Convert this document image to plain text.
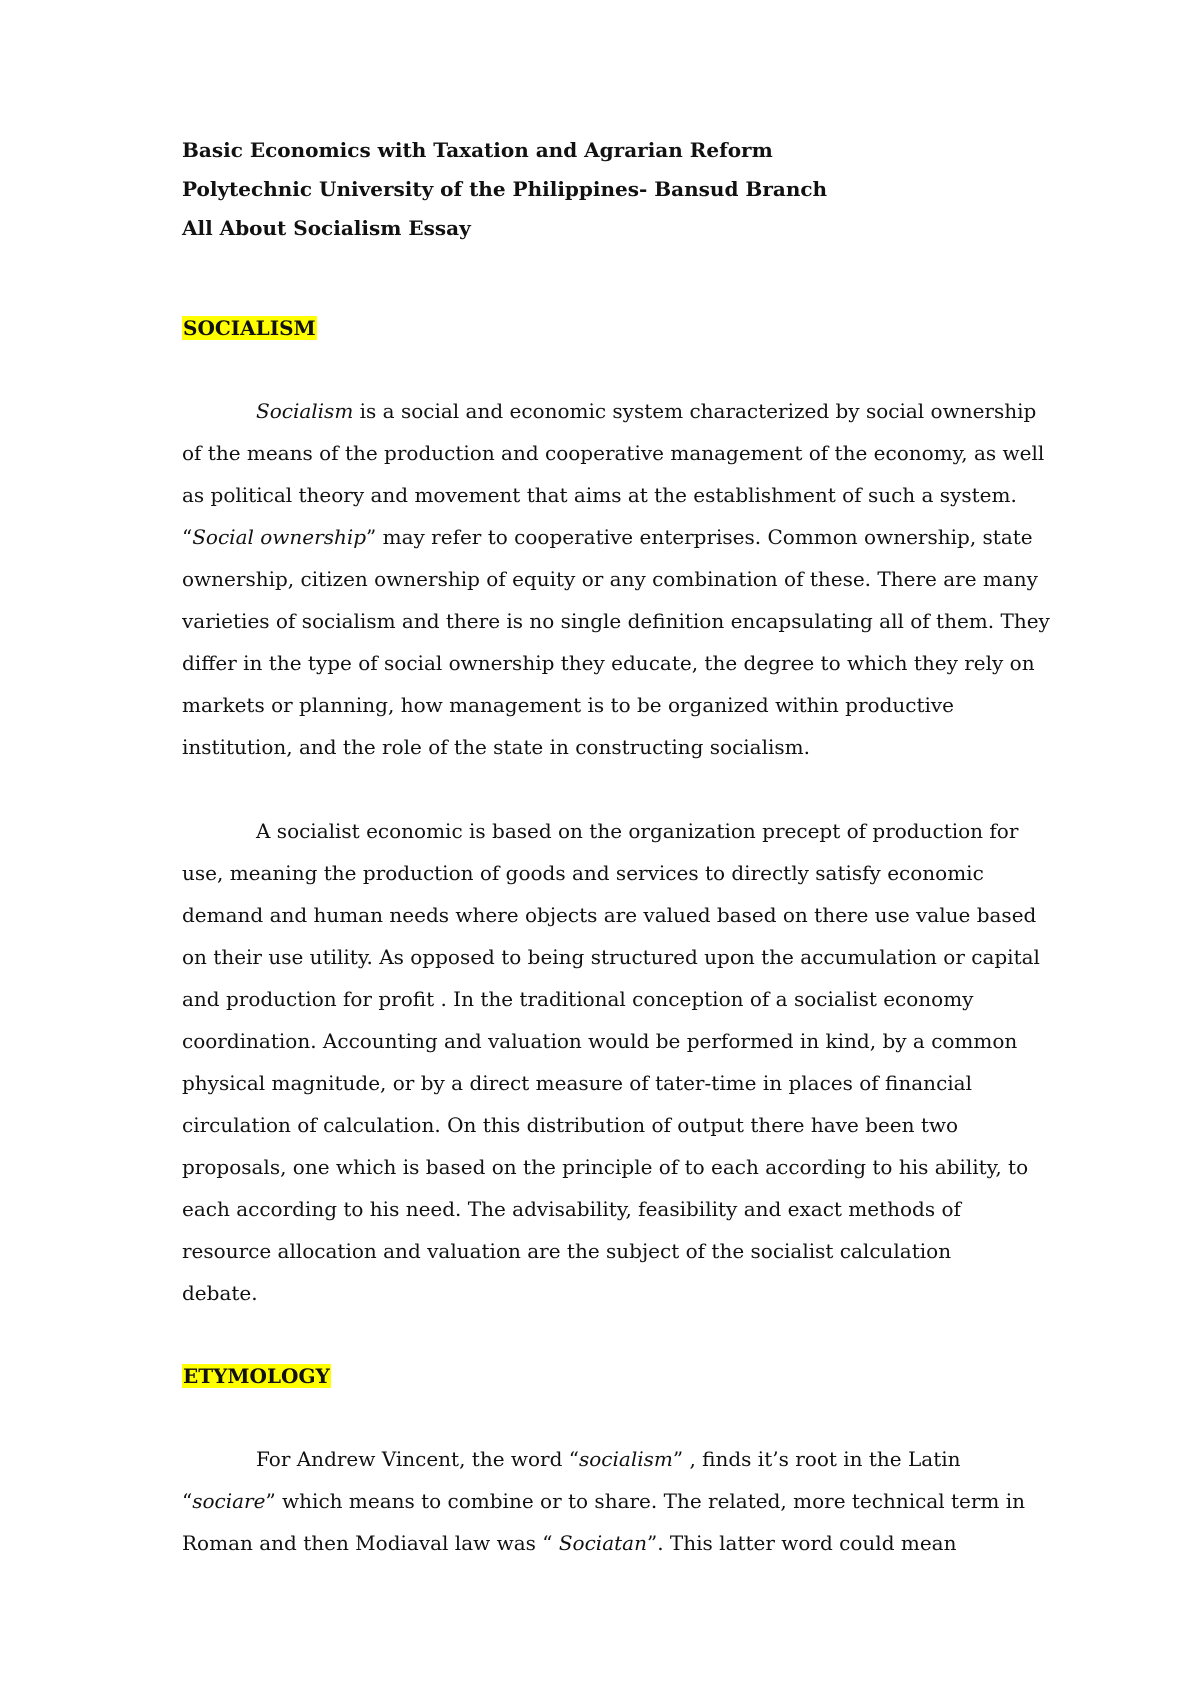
Basic Economics with Taxation and Agrarian Reform
Polytechnic University of the Philippines- Bansud Branch
All About Socialism Essay
SOCIALISM
Socialism is a social and economic system characterized by social ownership
of the means of the production and cooperative management of the economy, as well
as political theory and movement that aims at the establishment of such a system.
“Social ownership” may refer to cooperative enterprises. Common ownership, state
ownership, citizen ownership of equity or any combination of these. There are many
varieties of socialism and there is no single definition encapsulating all of them. They
differ in the type of social ownership they educate, the degree to which they rely on
markets or planning, how management is to be organized within productive
institution, and the role of the state in constructing socialism.
A socialist economic is based on the organization precept of production for
use, meaning the production of goods and services to directly satisfy economic
demand and human needs where objects are valued based on there use value based
on their use utility. As opposed to being structured upon the accumulation or capital
and production for profit . In the traditional conception of a socialist economy
coordination. Accounting and valuation would be performed in kind, by a common
physical magnitude, or by a direct measure of tater-time in places of financial
circulation of calculation. On this distribution of output there have been two
proposals, one which is based on the principle of to each according to his ability, to
each according to his need. The advisability, feasibility and exact methods of
resource allocation and valuation are the subject of the socialist calculation
debate.
ETYMOLOGY
For Andrew Vincent, the word “socialism” , finds it’s root in the Latin
“sociare” which means to combine or to share. The related, more technical term in
Roman and then Modiaval law was “ Sociatan”. This latter word could mean
